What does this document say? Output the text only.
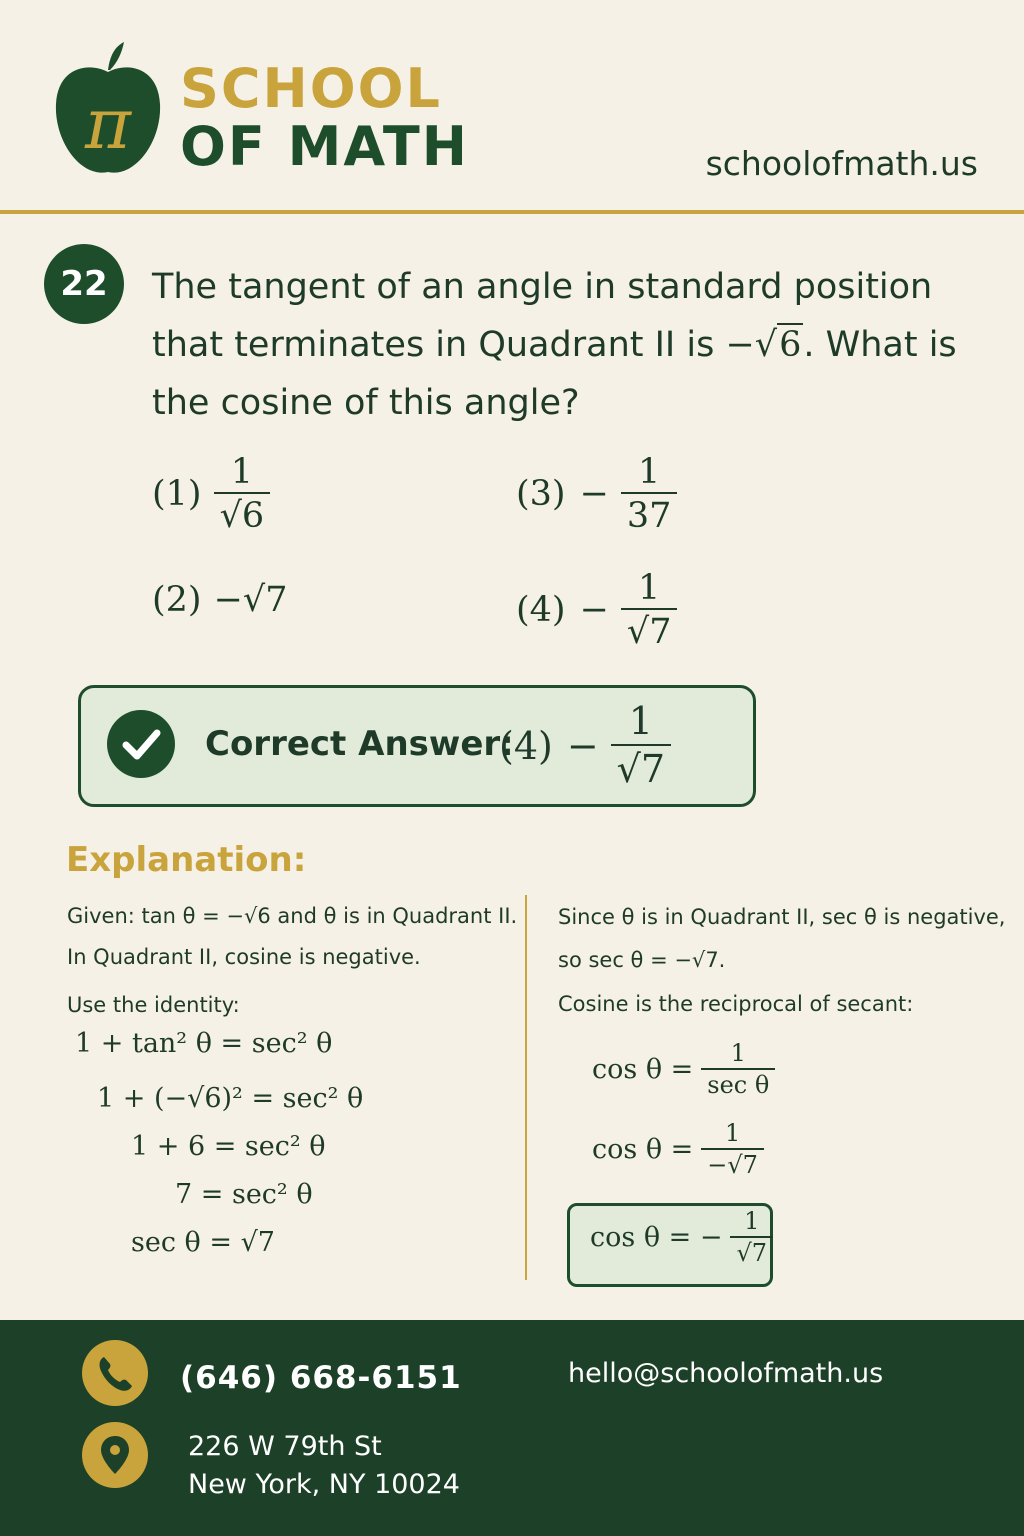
π SCHOOL
OF MATH	schoolofmath.us
22	The tangent of an angle in standard position that terminates in Quadrant II is −√6. What is the cosine of this angle?
$(1) \frac{1}{√6}$
(2) −√7
$(3) - \frac{1}{37}$
$(4) - \frac{1}{√7}$
Correct Answer:
$(4) - \frac{1}{√7}$
Explanation:
Given: tan θ = −√6 and θ is in Quadrant II.
In Quadrant II, cosine is negative.
Use the identity:
1 + tan² θ = sec² θ
1 + (−√6)² = sec² θ
1 + 6 = sec² θ
7 = sec² θ
sec θ = √7
Since θ is in Quadrant II, sec θ is negative,
so sec θ = −√7.
Cosine is the reciprocal of secant:
$\cos \theta = \frac{1}{\text{sec θ}}$
$\cos \theta = \frac{1}{-√7}$
cos θ = − $\frac{1}{√7}$
(646) 668-6151	hello@schoolofmath.us
226 W 79th St
New York, NY 10024
